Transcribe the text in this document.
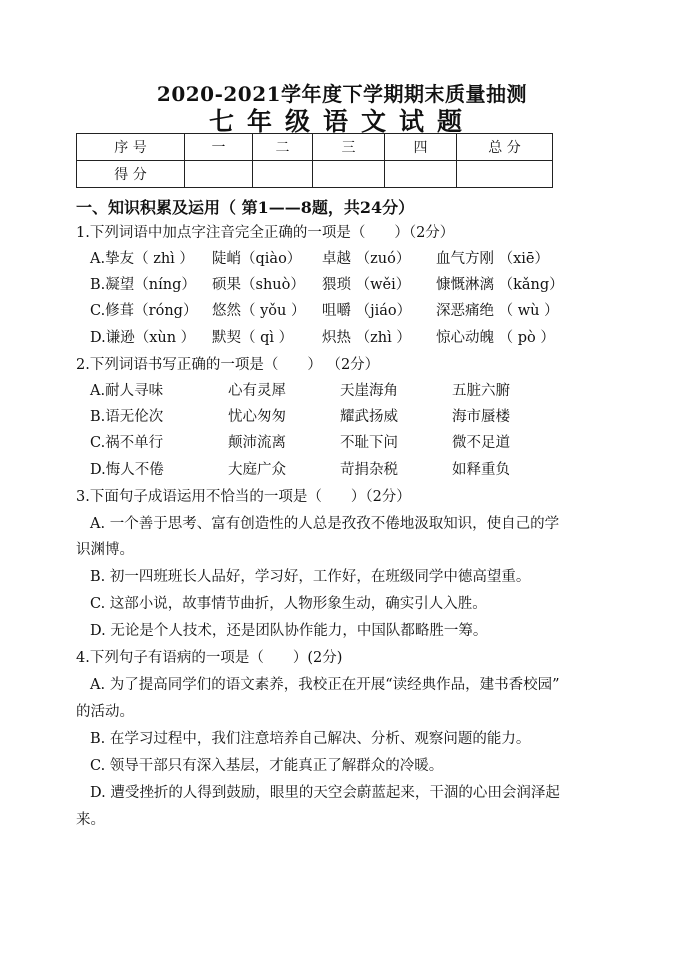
2020-2021学年度下学期期末质量抽测
七年级语文试题
序 号	一	二	三	四	总 分
得 分					
一、知识积累及运用（ 第1——8题，共24分）
1.下列词语中加点字注音完全正确的一项是（　　）（2分）
A.挚友（ zhì ） 陡峭（qiào） 卓越 （zuó） 血气方刚 （xiē）
B.凝望（níng） 硕果（shuò） 猥琐 （wěi） 慷慨淋漓 （kǎng）
C.修葺（róng） 悠然（ yǒu ） 咀嚼 （jiáo） 深恶痛绝 （ wù ）
D.谦逊（xùn ） 默契（ qì ） 炽热 （zhì ） 惊心动魄 （ pò ）
2.下列词语书写正确的一项是（　　） （2分）
A.耐人寻味	心有灵犀	天崖海角	五脏六腑
B.语无伦次	忧心匆匆	耀武扬威	海市蜃楼
C.祸不单行	颠沛流离	不耻下问	微不足道
D.悔人不倦	大庭广众	苛捐杂税	如释重负
3.下面句子成语运用不恰当的一项是（　　）（2分）
A. 一个善于思考、富有创造性的人总是孜孜不倦地汲取知识，使自己的学
识渊博。
B. 初一四班班长人品好，学习好，工作好，在班级同学中德高望重。
C. 这部小说，故事情节曲折，人物形象生动，确实引人入胜。
D. 无论是个人技术，还是团队协作能力，中国队都略胜一筹。
4.下列句子有语病的一项是（　　）(2分)
A. 为了提高同学们的语文素养，我校正在开展“读经典作品，建书香校园”
的活动。
B. 在学习过程中，我们注意培养自己解决、分析、观察问题的能力。
C. 领导干部只有深入基层，才能真正了解群众的冷暖。
D. 遭受挫折的人得到鼓励，眼里的天空会蔚蓝起来，干涸的心田会润泽起
来。
